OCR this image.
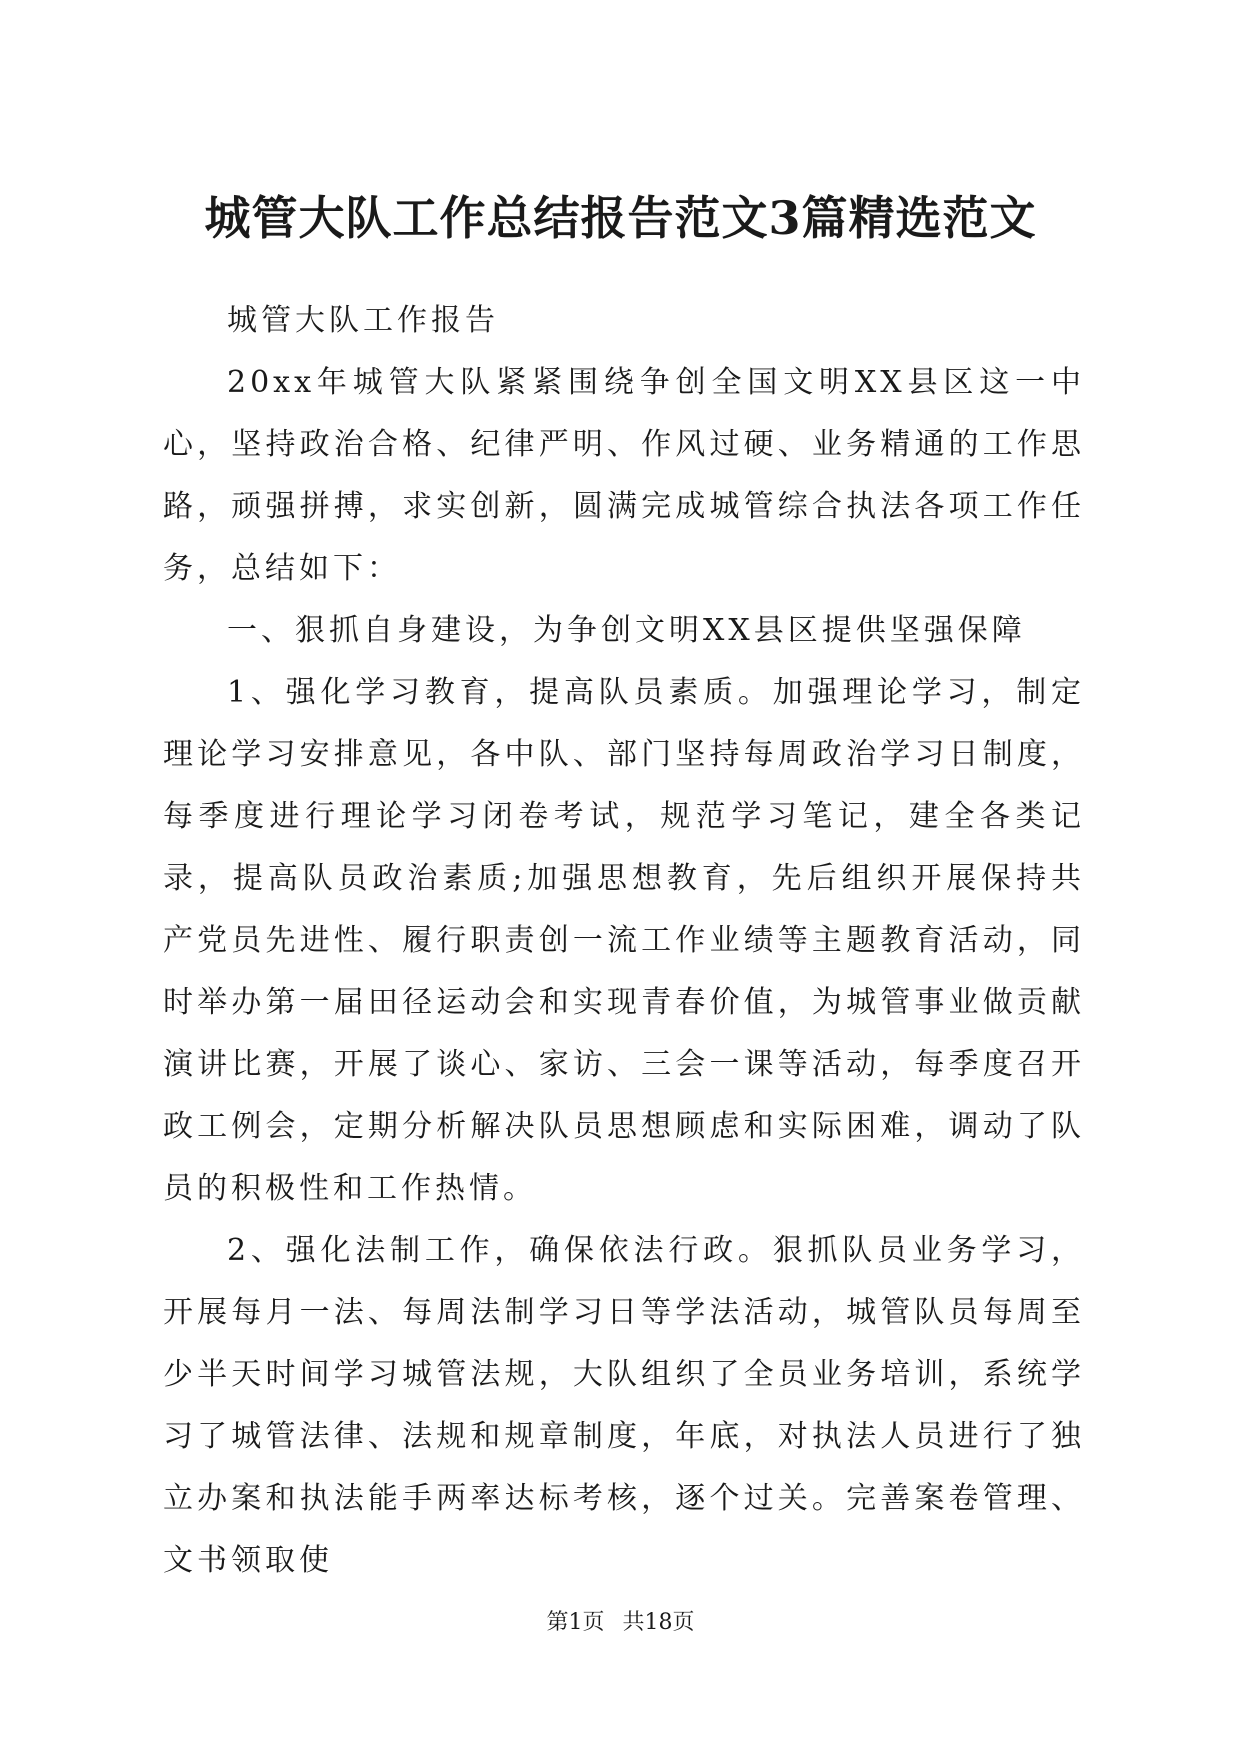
城管大队工作总结报告范文3篇精选范文

城管大队工作报告

20xx年城管大队紧紧围绕争创全国文明XX县区这一中心，坚持政治合格、纪律严明、作风过硬、业务精通的工作思路，顽强拼搏，求实创新，圆满完成城管综合执法各项工作任务，总结如下：

一、狠抓自身建设，为争创文明XX县区提供坚强保障

1、强化学习教育，提高队员素质。加强理论学习，制定理论学习安排意见，各中队、部门坚持每周政治学习日制度，每季度进行理论学习闭卷考试，规范学习笔记，建全各类记录，提高队员政治素质;加强思想教育，先后组织开展保持共产党员先进性、履行职责创一流工作业绩等主题教育活动，同时举办第一届田径运动会和实现青春价值，为城管事业做贡献演讲比赛，开展了谈心、家访、三会一课等活动，每季度召开政工例会，定期分析解决队员思想顾虑和实际困难，调动了队员的积极性和工作热情。

2、强化法制工作，确保依法行政。狠抓队员业务学习，开展每月一法、每周法制学习日等学法活动，城管队员每周至少半天时间学习城管法规，大队组织了全员业务培训，系统学习了城管法律、法规和规章制度，年底，对执法人员进行了独立办案和执法能手两率达标考核，逐个过关。完善案卷管理、文书领取使

第1页 共18页
